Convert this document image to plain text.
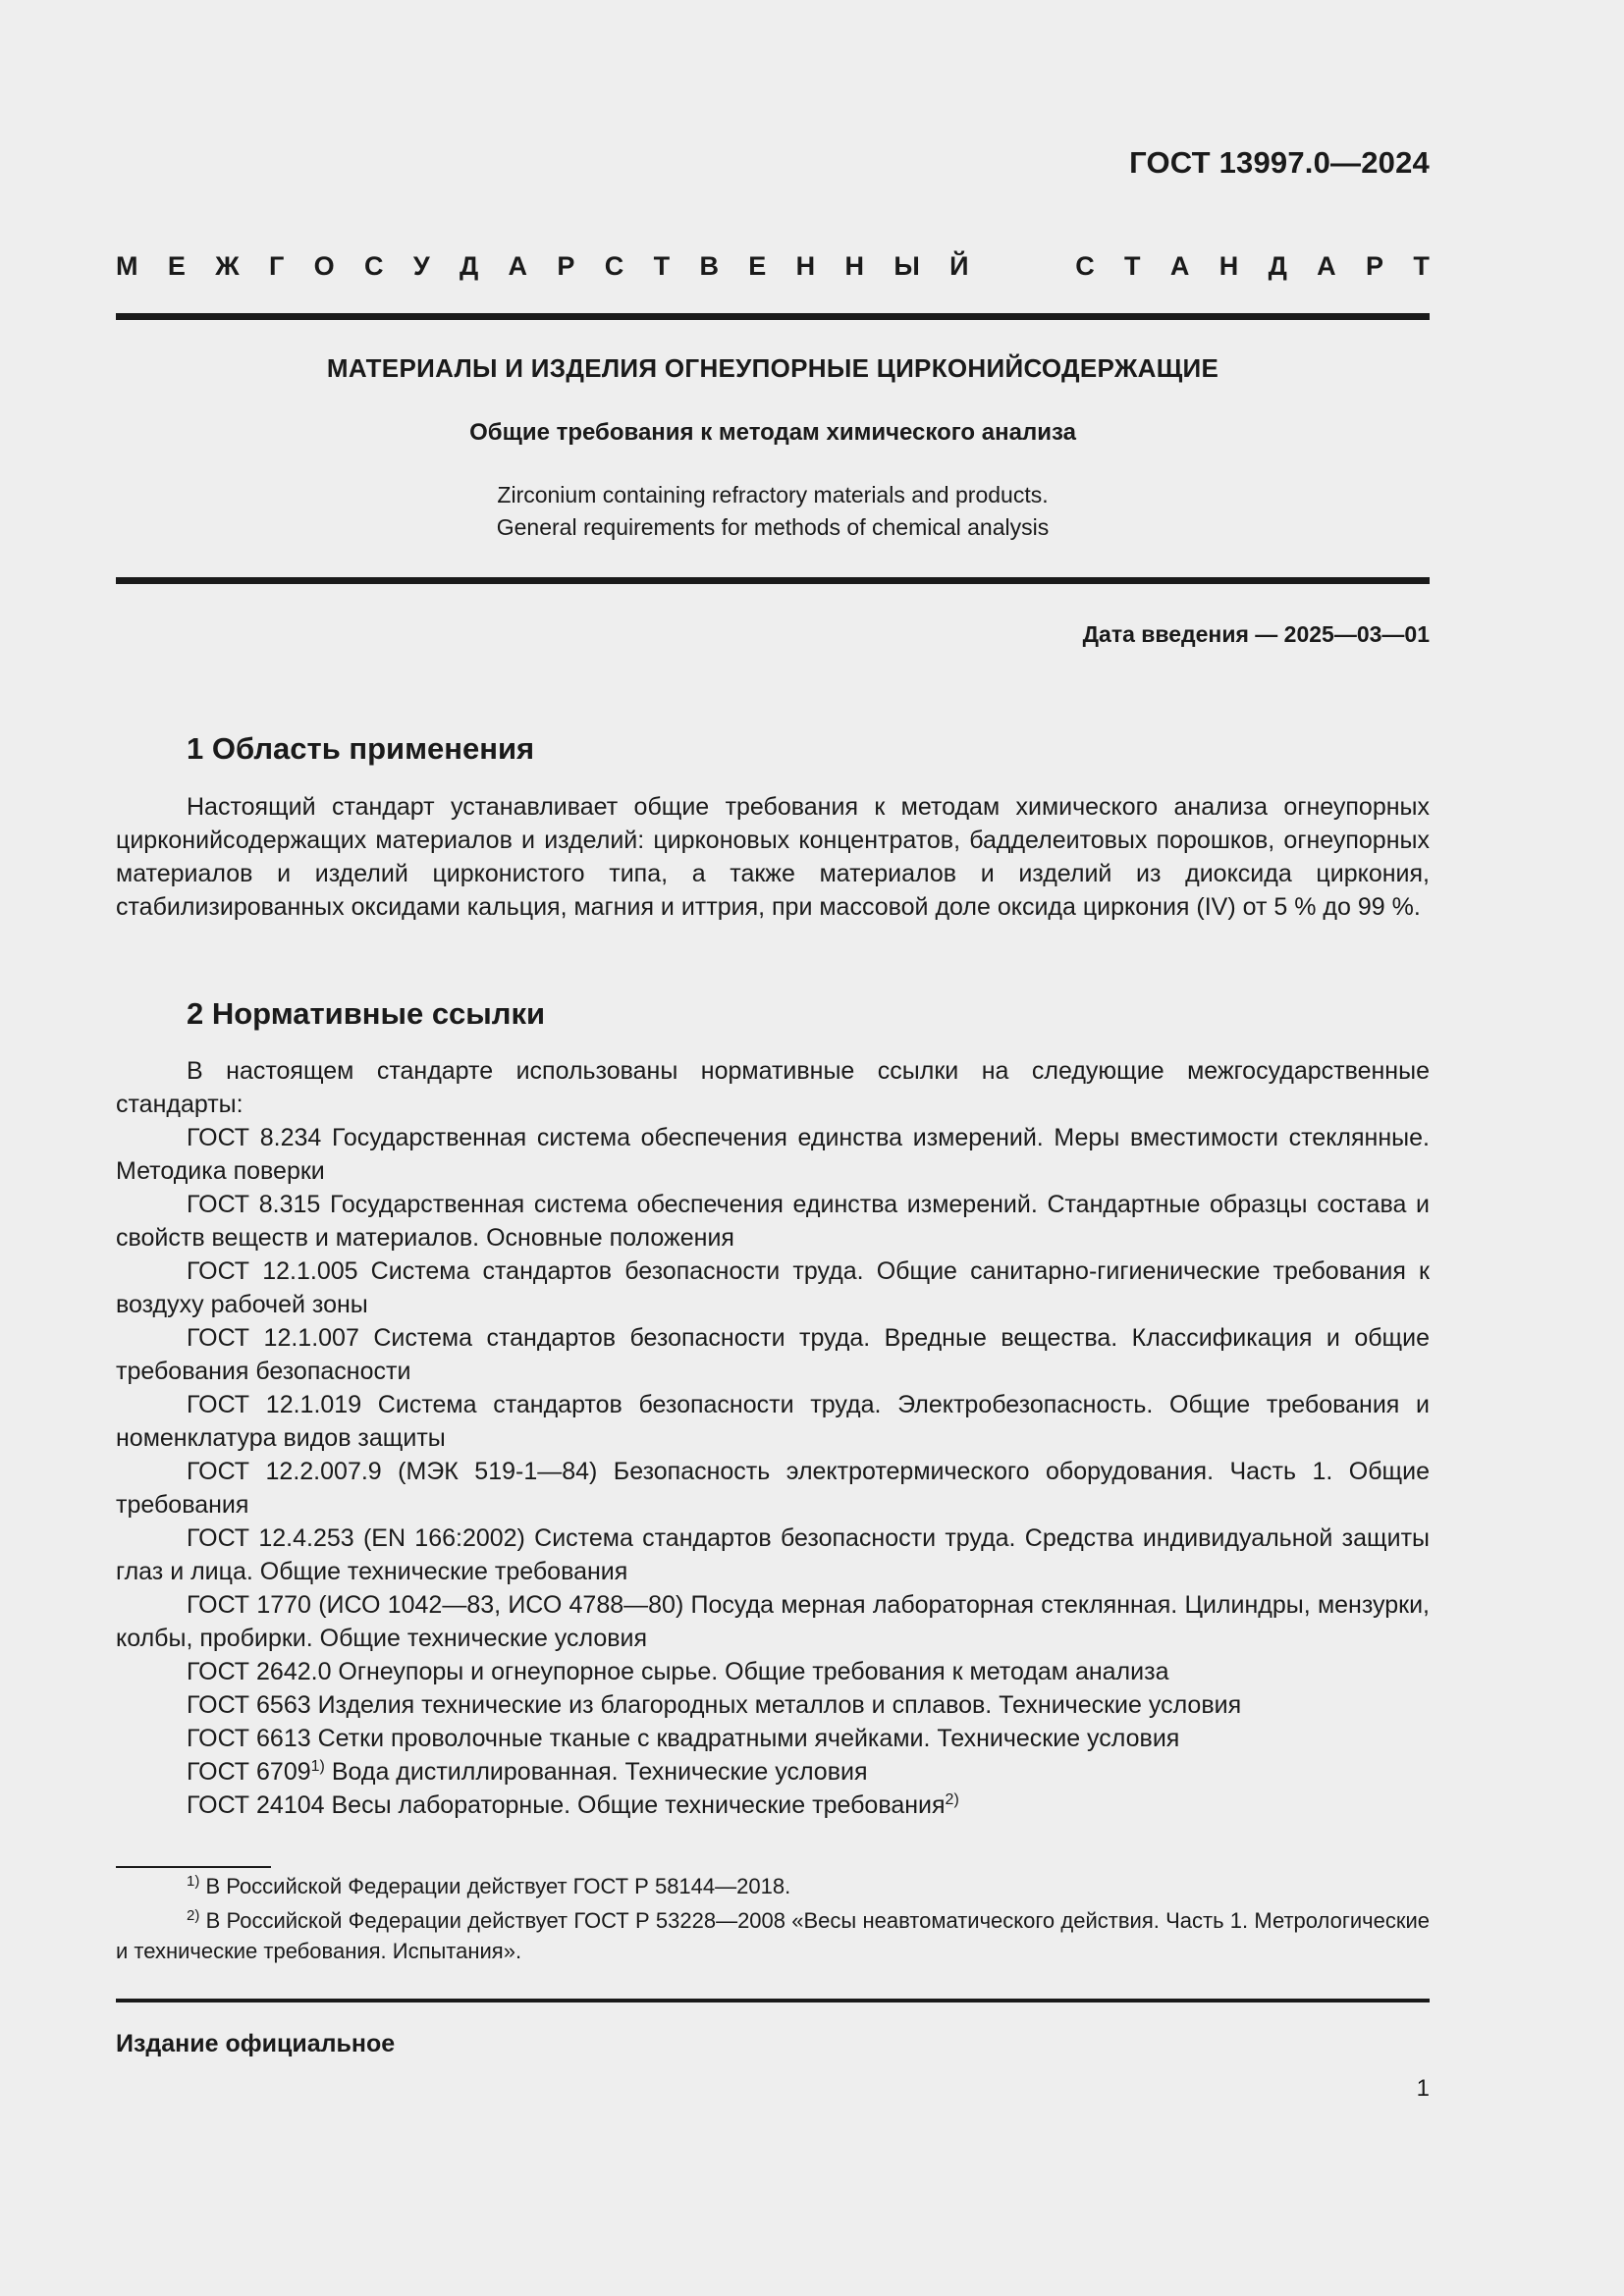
ГОСТ 13997.0—2024
М Е Ж Г О С У Д А Р С Т В Е Н Н Ы Й	С Т А Н Д А Р Т
МАТЕРИАЛЫ И ИЗДЕЛИЯ ОГНЕУПОРНЫЕ ЦИРКОНИЙСОДЕРЖАЩИЕ
Общие требования к методам химического анализа
Zirconium containing refractory materials and products.
General requirements for methods of chemical analysis
Дата введения — 2025—03—01
1 Область применения

Настоящий стандарт устанавливает общие требования к методам химического анализа огнеупорных цирконийсодержащих материалов и изделий: цирконовых концентратов, бадделеитовых порошков, огнеупорных материалов и изделий цирконистого типа, а также материалов и изделий из диоксида циркония, стабилизированных оксидами кальция, магния и иттрия, при массовой доле оксида циркония (IV) от 5 % до 99 %.

2 Нормативные ссылки

В настоящем стандарте использованы нормативные ссылки на следующие межгосударственные стандарты:

ГОСТ 8.234 Государственная система обеспечения единства измерений. Меры вместимости стеклянные. Методика поверки

ГОСТ 8.315 Государственная система обеспечения единства измерений. Стандартные образцы состава и свойств веществ и материалов. Основные положения

ГОСТ 12.1.005 Система стандартов безопасности труда. Общие санитарно-гигиенические требования к воздуху рабочей зоны

ГОСТ 12.1.007 Система стандартов безопасности труда. Вредные вещества. Классификация и общие требования безопасности

ГОСТ 12.1.019 Система стандартов безопасности труда. Электробезопасность. Общие требования и номенклатура видов защиты

ГОСТ 12.2.007.9 (МЭК 519-1—84) Безопасность электротермического оборудования. Часть 1. Общие требования

ГОСТ 12.4.253 (EN 166:2002) Система стандартов безопасности труда. Средства индивидуальной защиты глаз и лица. Общие технические требования

ГОСТ 1770 (ИСО 1042—83, ИСО 4788—80) Посуда мерная лабораторная стеклянная. Цилиндры, мензурки, колбы, пробирки. Общие технические условия

ГОСТ 2642.0 Огнеупоры и огнеупорное сырье. Общие требования к методам анализа

ГОСТ 6563 Изделия технические из благородных металлов и сплавов. Технические условия

ГОСТ 6613 Сетки проволочные тканые с квадратными ячейками. Технические условия

ГОСТ 6709$^{1)}$ Вода дистиллированная. Технические условия

ГОСТ 24104 Весы лабораторные. Общие технические требования$^{2)}$

$^{1)}$ В Российской Федерации действует ГОСТ Р 58144—2018.

$^{2)}$ В Российской Федерации действует ГОСТ Р 53228—2008 «Весы неавтоматического действия. Часть 1. Метрологические и технические требования. Испытания».

Издание официальное
1
